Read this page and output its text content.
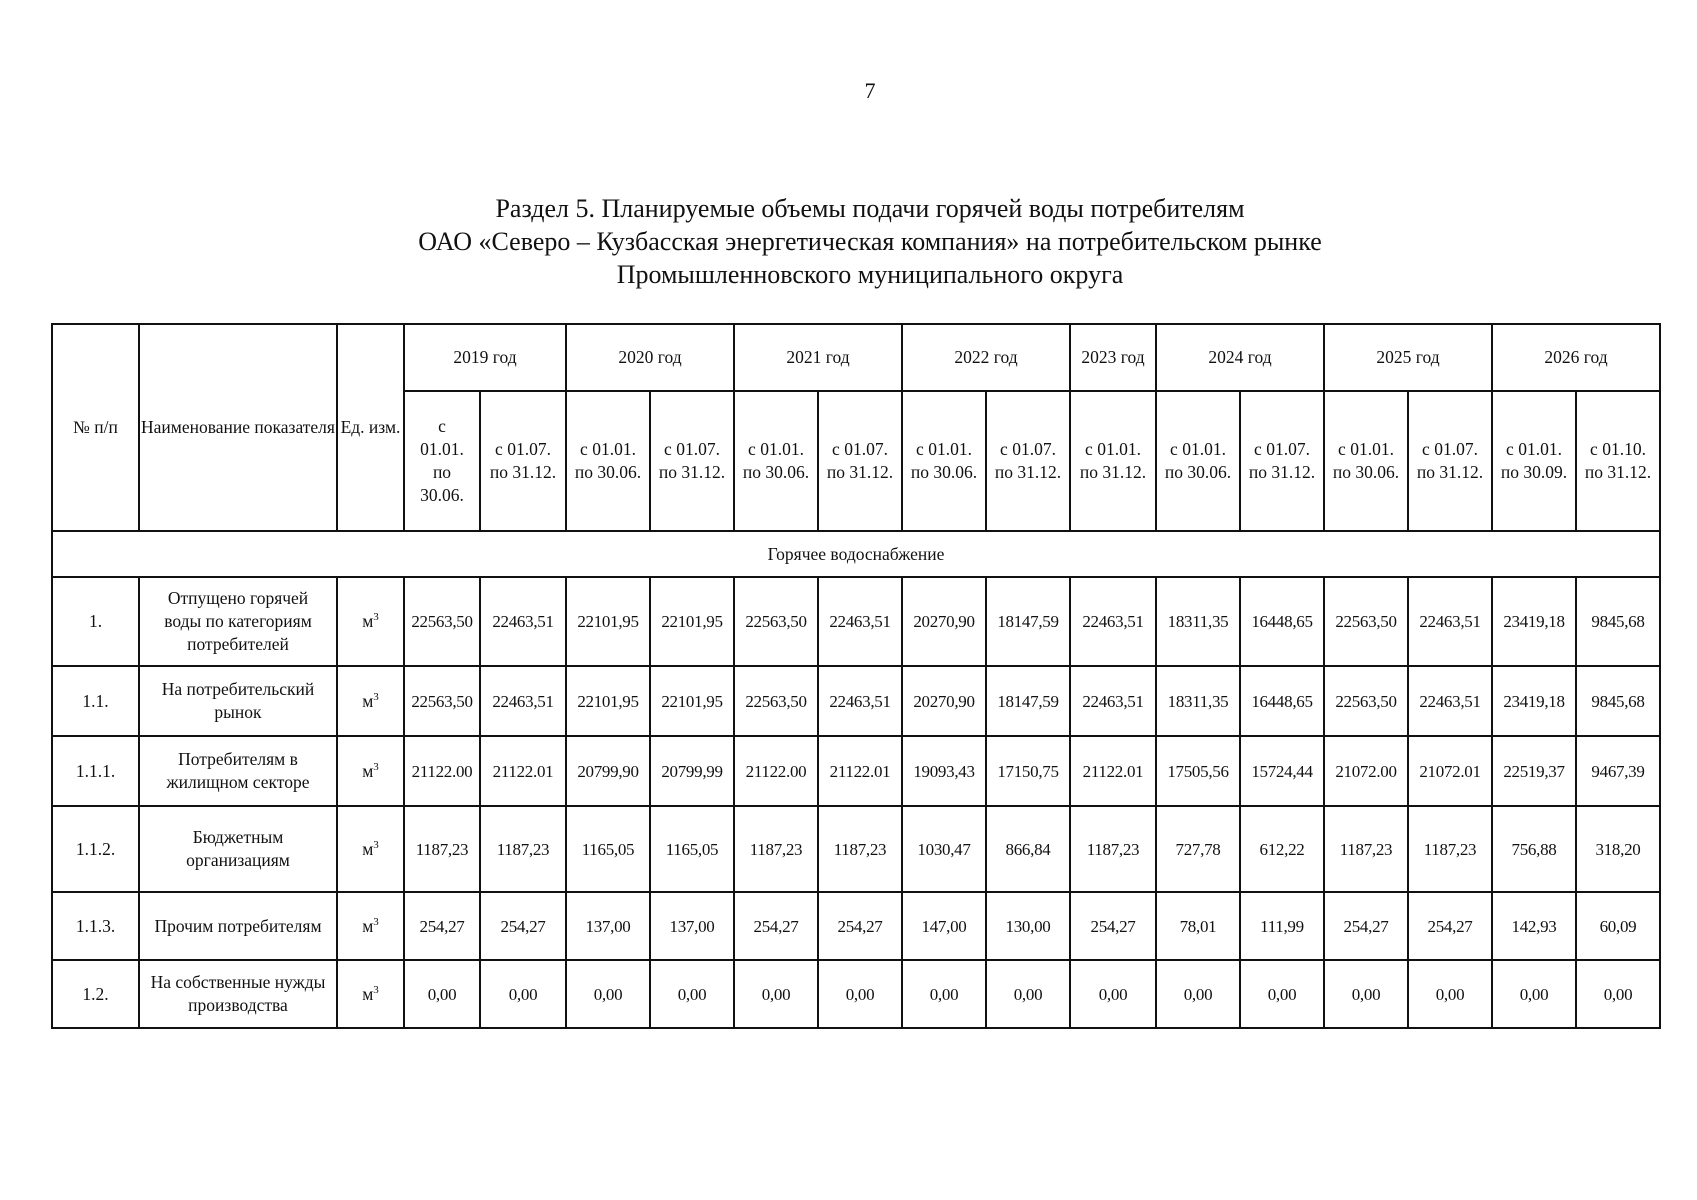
7
Раздел 5. Планируемые объемы подачи горячей воды потребителям
ОАО «Северо – Кузбасская энергетическая компания» на потребительском рынке
Промышленновского муниципального округа
№ п/п	Наименование показателя	Ед. изм.	2019 год		2020 год		2021 год		2022 год		2023 год	2024 год		2025 год		2026 год	
			с 01.01. по 30.06.	с 01.07. по 31.12.	с 01.01. по 30.06.	с 01.07. по 31.12.	с 01.01. по 30.06.	с 01.07. по 31.12.	с 01.01. по 30.06.	с 01.07. по 31.12.	с 01.01. по 31.12.	с 01.01. по 30.06.	с 01.07. по 31.12.	с 01.01. по 30.06.	с 01.07. по 31.12.	с 01.01. по 30.09.	с 01.10. по 31.12.
Горячее водоснабжение																	
1.	Отпущено горячей воды по категориям потребителей	$м^3$	22563,50	22463,51	22101,95	22101,95	22563,50	22463,51	20270,90	18147,59	22463,51	18311,35	16448,65	22563,50	22463,51	23419,18	9845,68
1.1.	На потребительский рынок	$м^3$	22563,50	22463,51	22101,95	22101,95	22563,50	22463,51	20270,90	18147,59	22463,51	18311,35	16448,65	22563,50	22463,51	23419,18	9845,68
1.1.1.	Потребителям в жилищном секторе	$м^3$	21122.00	21122.01	20799,90	20799,99	21122.00	21122.01	19093,43	17150,75	21122.01	17505,56	15724,44	21072.00	21072.01	22519,37	9467,39
1.1.2.	Бюджетным организациям	$м^3$	1187,23	1187,23	1165,05	1165,05	1187,23	1187,23	1030,47	866,84	1187,23	727,78	612,22	1187,23	1187,23	756,88	318,20
1.1.3.	Прочим потребителям	$м^3$	254,27	254,27	137,00	137,00	254,27	254,27	147,00	130,00	254,27	78,01	111,99	254,27	254,27	142,93	60,09
1.2.	На собственные нужды производства	$м^3$	0,00	0,00	0,00	0,00	0,00	0,00	0,00	0,00	0,00	0,00	0,00	0,00	0,00	0,00	0,00
